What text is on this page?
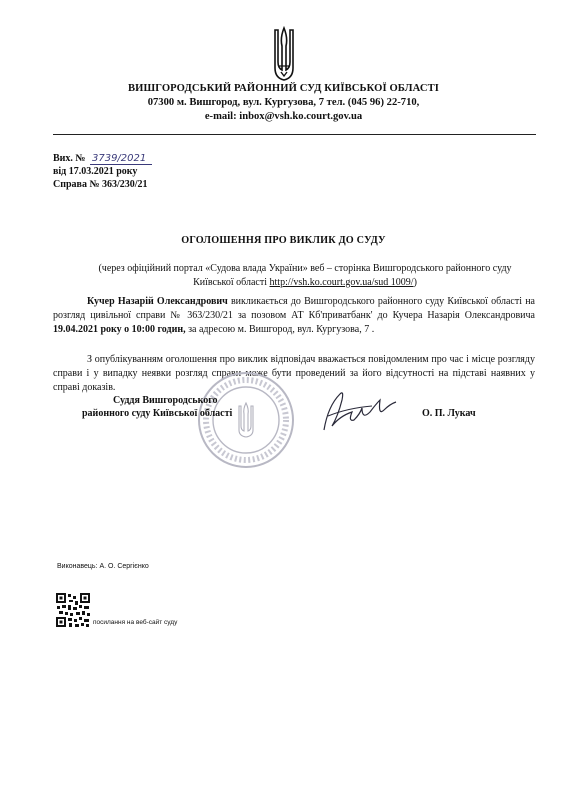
ВИШГОРОДСЬКИЙ РАЙОННИЙ СУД КИЇВСЬКОЇ ОБЛАСТІ
07300 м. Вишгород, вул. Кургузова, 7 тел. (045 96) 22-710,
e-mail: inbox@vsh.ko.court.gov.ua
Вих. № 3739/2021
від 17.03.2021 року
Справа № 363/230/21
ОГОЛОШЕННЯ ПРО ВИКЛИК ДО СУДУ
(через офіційний портал «Судова влада України» веб – сторінка Вишгородського районного суду Київської області http://vsh.ko.court.gov.ua/sud 1009/)
Кучер Назарій Олександрович викликається до Вишгородського районного суду Київської області на розгляд цивільної справи № 363/230/21 за позовом АТ Кб'приватбанк' до Кучера Назарія Олександровича 19.04.2021 року о 10:00 годин, за адресою м. Вишгород, вул. Кургузова, 7 .
З опублікуванням оголошення про виклик відповідач вважається повідомленим про час і місце розгляду справи і у випадку неявки розгляд справи може бути проведений за його відсутності на підставі наявних у справі доказів.
Суддя Вишгородського
районного суду Київської області	О. П. Лукач
Виконавець: А. О. Сергієнко
посилання на веб-сайт суду
